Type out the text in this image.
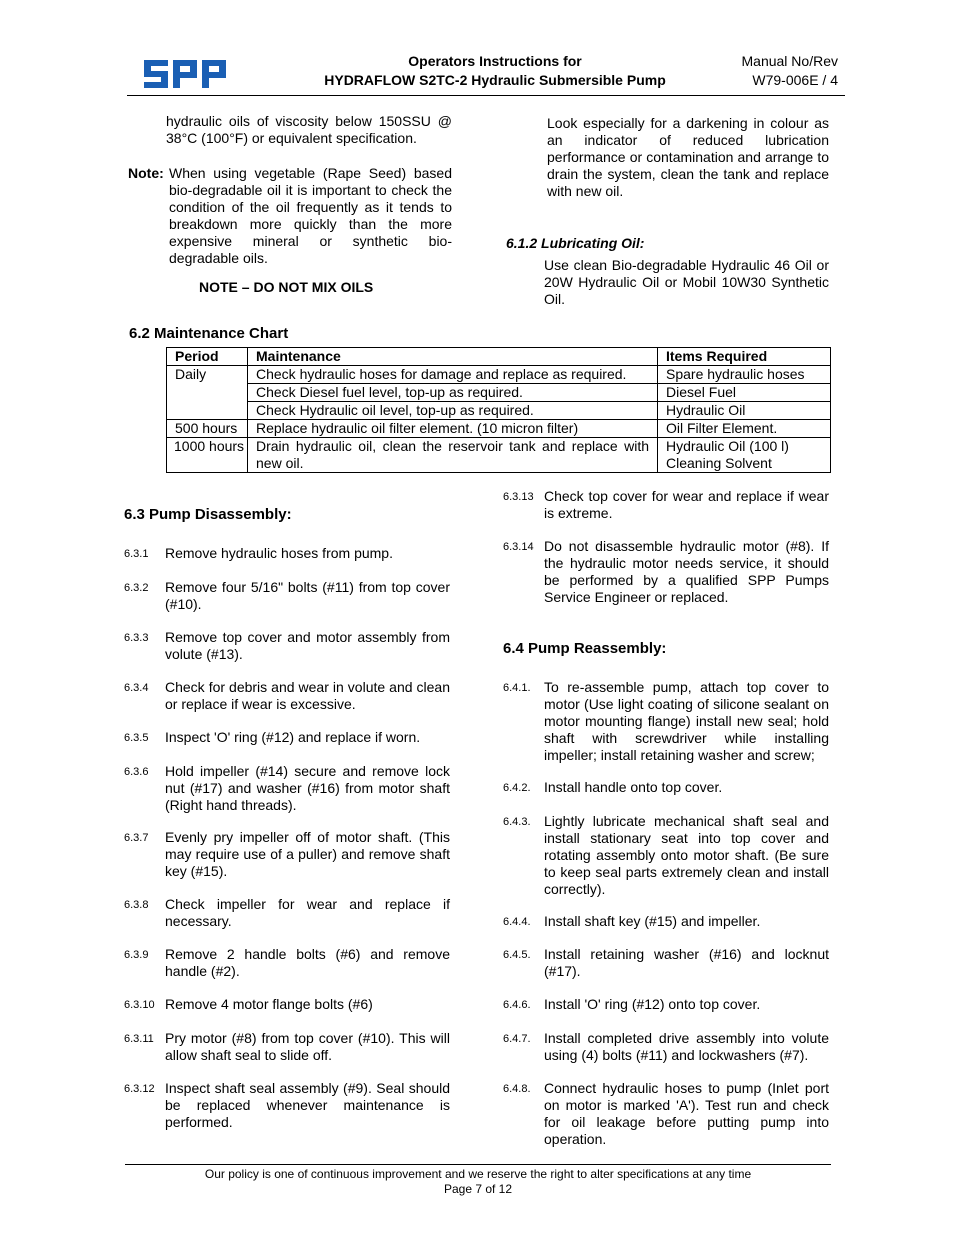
SPP	Operators Instructions for
HYDRAFLOW S2TC-2 Hydraulic Submersible Pump
Manual No/Rev
W79-006E / 4
hydraulic oils of viscosity below 150SSU @ 38°C (100°F) or equivalent specification.
Note: When using vegetable (Rape Seed) based bio-degradable oil it is important to check the condition of the oil frequently as it tends to breakdown more quickly than the more expensive mineral or synthetic bio-degradable oils.
NOTE – DO NOT MIX OILS
Look especially for a darkening in colour as an indicator of reduced lubrication performance or contamination and arrange to drain the system, clean the tank and replace with new oil.
6.1.2 Lubricating Oil:
Use clean Bio-degradable Hydraulic 46 Oil or 20W Hydraulic Oil or Mobil 10W30 Synthetic Oil.
6.2 Maintenance Chart
Period	Maintenance	Items Required
Daily	Check hydraulic hoses for damage and replace as required.	Spare hydraulic hoses
	Check Diesel fuel level, top-up as required.	Diesel Fuel
	Check Hydraulic oil level, top-up as required.	Hydraulic Oil
500 hours	Replace hydraulic oil filter element. (10 micron filter)	Oil Filter Element.
1000 hours	Drain hydraulic oil, clean the reservoir tank and replace with new oil.	Hydraulic Oil (100 l)
Cleaning Solvent
6.3 Pump Disassembly:
6.3.1 Remove hydraulic hoses from pump.
6.3.2 Remove four 5/16" bolts (#11) from top cover (#10).
6.3.3 Remove top cover and motor assembly from volute (#13).
6.3.4 Check for debris and wear in volute and clean or replace if wear is excessive.
6.3.5 Inspect 'O' ring (#12) and replace if worn.
6.3.6 Hold impeller (#14) secure and remove lock nut (#17) and washer (#16) from motor shaft (Right hand threads).
6.3.7 Evenly pry impeller off of motor shaft. (This may require use of a puller) and remove shaft key (#15).
6.3.8 Check impeller for wear and replace if necessary.
6.3.9 Remove 2 handle bolts (#6) and remove handle (#2).
6.3.10 Remove 4 motor flange bolts (#6)
6.3.11 Pry motor (#8) from top cover (#10). This will allow shaft seal to slide off.
6.3.12 Inspect shaft seal assembly (#9). Seal should be replaced whenever maintenance is performed.
6.3.13 Check top cover for wear and replace if wear is extreme.
6.3.14 Do not disassemble hydraulic motor (#8). If the hydraulic motor needs service, it should be performed by a qualified SPP Pumps Service Engineer or replaced.
6.4 Pump Reassembly:
6.4.1. To re-assemble pump, attach top cover to motor (Use light coating of silicone sealant on motor mounting flange) install new seal; hold shaft with screwdriver while installing impeller; install retaining washer and screw;
6.4.2. Install handle onto top cover.
6.4.3. Lightly lubricate mechanical shaft seal and install stationary seat into top cover and rotating assembly onto motor shaft. (Be sure to keep seal parts extremely clean and install correctly).
6.4.4. Install shaft key (#15) and impeller.
6.4.5. Install retaining washer (#16) and locknut (#17).
6.4.6. Install 'O' ring (#12) onto top cover.
6.4.7. Install completed drive assembly into volute using (4) bolts (#11) and lockwashers (#7).
6.4.8. Connect hydraulic hoses to pump (Inlet port on motor is marked 'A'). Test run and check for oil leakage before putting pump into operation.
Our policy is one of continuous improvement and we reserve the right to alter specifications at any time
Page 7 of 12
